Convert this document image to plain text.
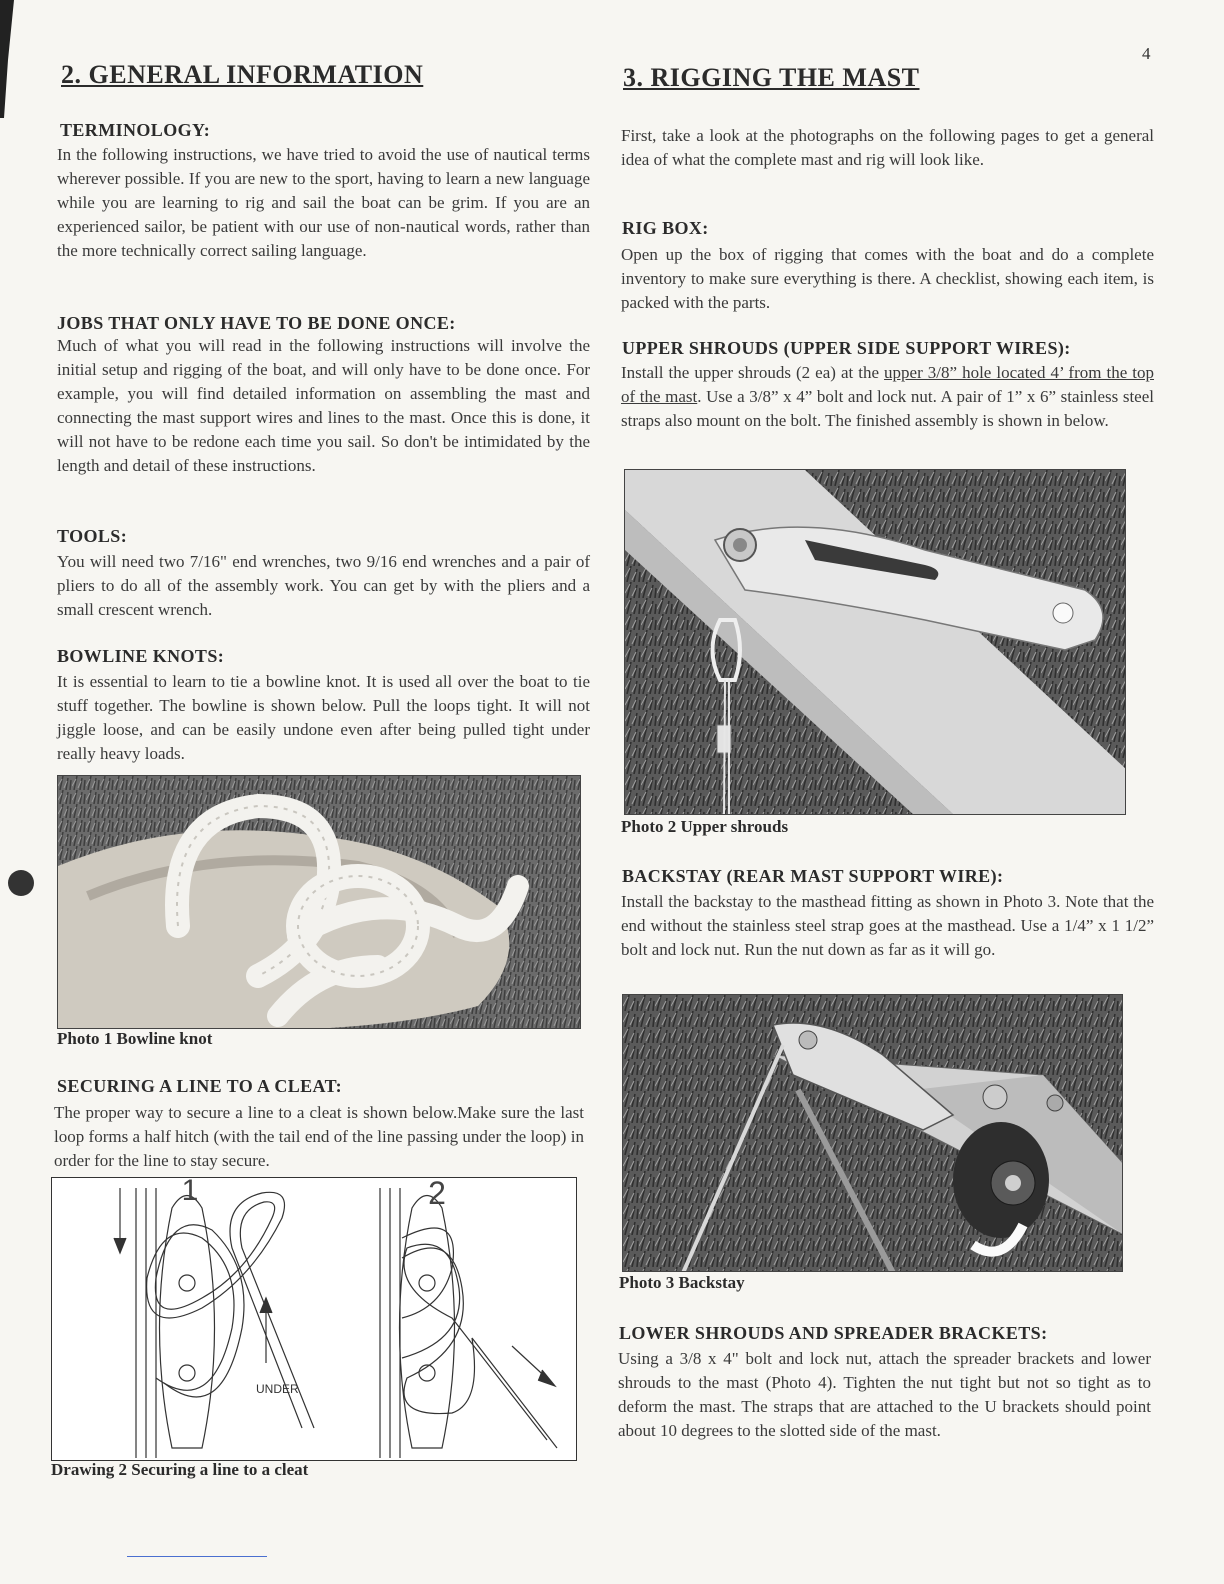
4
2. GENERAL INFORMATION
TERMINOLOGY:

In the following instructions, we have tried to avoid the use of nautical terms wherever possible. If you are new to the sport, having to learn a new language while you are learning to rig and sail the boat can be grim. If you are an experienced sailor, be patient with our use of non-nautical words, rather than the more technically correct sailing language.

JOBS THAT ONLY HAVE TO BE DONE ONCE:

Much of what you will read in the following instructions will involve the initial setup and rigging of the boat, and will only have to be done once. For example, you will find detailed information on assembling the mast and connecting the mast support wires and lines to the mast. Once this is done, it will not have to be redone each time you sail. So don't be intimidated by the length and detail of these instructions.

TOOLS:

You will need two 7/16" end wrenches, two 9/16 end wrenches and a pair of pliers to do all of the assembly work. You can get by with the pliers and a small crescent wrench.

BOWLINE KNOTS:

It is essential to learn to tie a bowline knot. It is used all over the boat to tie stuff together. The bowline is shown below. Pull the loops tight. It will not jiggle loose, and can be easily undone even after being pulled tight under really heavy loads.

Photo 1 Bowline knot
SECURING A LINE TO A CLEAT:

The proper way to secure a line to a cleat is shown below.Make sure the last loop forms a half hitch (with the tail end of the line passing under the loop) in order for the line to stay secure.

1	2
UNDER
Drawing 2 Securing a line to a cleat
3. RIGGING THE MAST

First, take a look at the photographs on the following pages to get a general idea of what the complete mast and rig will look like.

RIG BOX:

Open up the box of rigging that comes with the boat and do a complete inventory to make sure everything is there. A checklist, showing each item, is packed with the parts.

UPPER SHROUDS (UPPER SIDE SUPPORT WIRES):

Install the upper shrouds (2 ea) at the upper 3/8” hole located 4’ from the top of the mast. Use a 3/8” x 4” bolt and lock nut. A pair of 1” x 6” stainless steel straps also mount on the bolt. The finished assembly is shown in below.

Photo 2 Upper shrouds
BACKSTAY (REAR MAST SUPPORT WIRE):

Install the backstay to the masthead fitting as shown in Photo 3. Note that the end without the stainless steel strap goes at the masthead. Use a 1/4” x 1 1/2” bolt and lock nut. Run the nut down as far as it will go.

Photo 3 Backstay
LOWER SHROUDS AND SPREADER BRACKETS:

Using a 3/8 x 4" bolt and lock nut, attach the spreader brackets and lower shrouds to the mast (Photo 4). Tighten the nut tight but not so tight as to deform the mast. The straps that are attached to the U brackets should point about 10 degrees to the slotted side of the mast.
